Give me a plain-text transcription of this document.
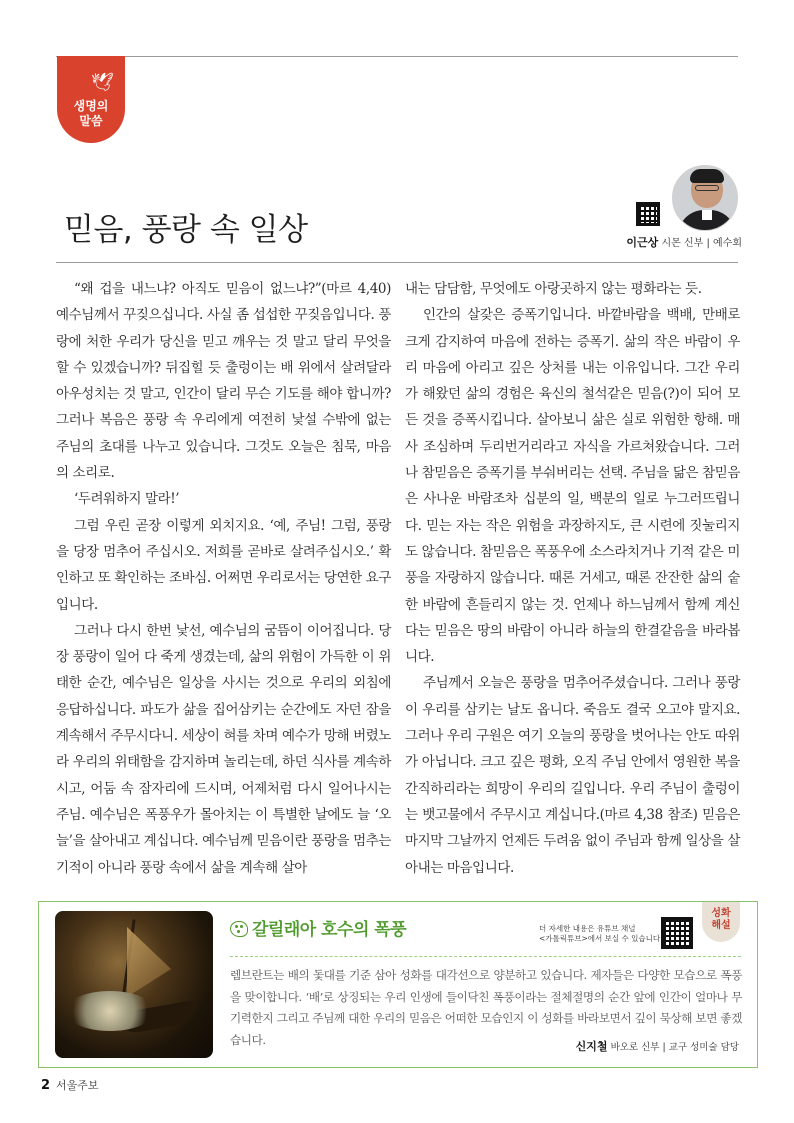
🕊
생명의
말씀
믿음, 풍랑 속 일상	이근상 시몬 신부 | 예수회

“왜 겁을 내느냐? 아직도 믿음이 없느냐?”(마르 4,40) 예수님께서 꾸짖으십니다. 사실 좀 섭섭한 꾸짖음입니다. 풍랑에 처한 우리가 당신을 믿고 깨우는 것 말고 달리 무엇을 할 수 있겠습니까? 뒤집힐 듯 출렁이는 배 위에서 살려달라 아우성치는 것 말고, 인간이 달리 무슨 기도를 해야 합니까? 그러나 복음은 풍랑 속 우리에게 여전히 낯설 수밖에 없는 주님의 초대를 나누고 있습니다. 그것도 오늘은 침묵, 마음의 소리로.

‘두려워하지 말라!’

그럼 우린 곧장 이렇게 외치지요. ‘예, 주님! 그럼, 풍랑을 당장 멈추어 주십시오. 저희를 곧바로 살려주십시오.’ 확인하고 또 확인하는 조바심. 어쩌면 우리로서는 당연한 요구입니다.

그러나 다시 한번 낯선, 예수님의 굼뜸이 이어집니다. 당장 풍랑이 일어 다 죽게 생겼는데, 삶의 위험이 가득한 이 위태한 순간, 예수님은 일상을 사시는 것으로 우리의 외침에 응답하십니다. 파도가 삶을 집어삼키는 순간에도 자던 잠을 계속해서 주무시다니. 세상이 혀를 차며 예수가 망해 버렸노라 우리의 위태함을 감지하며 놀리는데, 하던 식사를 계속하시고, 어둠 속 잠자리에 드시며, 어제처럼 다시 일어나시는 주님. 예수님은 폭풍우가 몰아치는 이 특별한 날에도 늘 ‘오늘’을 살아내고 계십니다. 예수님께 믿음이란 풍랑을 멈추는 기적이 아니라 풍랑 속에서 삶을 계속해 살아

내는 담담함, 무엇에도 아랑곳하지 않는 평화라는 듯.

인간의 살갗은 증폭기입니다. 바깥바람을 백배, 만배로 크게 감지하여 마음에 전하는 증폭기. 삶의 작은 바람이 우리 마음에 아리고 깊은 상처를 내는 이유입니다. 그간 우리가 해왔던 삶의 경험은 육신의 철석같은 믿음(?)이 되어 모든 것을 증폭시킵니다. 살아보니 삶은 실로 위험한 항해. 매사 조심하며 두리번거리라고 자식을 가르쳐왔습니다. 그러나 참믿음은 증폭기를 부숴버리는 선택. 주님을 닮은 참믿음은 사나운 바람조차 십분의 일, 백분의 일로 누그러뜨립니다. 믿는 자는 작은 위험을 과장하지도, 큰 시련에 짓눌리지도 않습니다. 참믿음은 폭풍우에 소스라치거나 기적 같은 미풍을 자랑하지 않습니다. 때론 거세고, 때론 잔잔한 삶의 숱한 바람에 흔들리지 않는 것. 언제나 하느님께서 함께 계신다는 믿음은 땅의 바람이 아니라 하늘의 한결같음을 바라봅니다.

주님께서 오늘은 풍랑을 멈추어주셨습니다. 그러나 풍랑이 우리를 삼키는 날도 옵니다. 죽음도 결국 오고야 말지요. 그러나 우리 구원은 여기 오늘의 풍랑을 벗어나는 안도 따위가 아닙니다. 크고 깊은 평화, 오직 주님 안에서 영원한 복을 간직하리라는 희망이 우리의 길입니다. 우리 주님이 출렁이는 뱃고물에서 주무시고 계십니다.(마르 4,38 참조) 믿음은 마지막 그날까지 언제든 두려움 없이 주님과 함께 일상을 살아내는 마음입니다.

갈릴래아 호수의 폭풍	더 자세한 내용은 유튜브 채널
<가톨릭튜브>에서 보실 수 있습니다
성화
해설

렘브란트는 배의 돛대를 기준 삼아 성화를 대각선으로 양분하고 있습니다. 제자들은 다양한 모습으로 폭풍을 맞이합니다. ‘배’로 상징되는 우리 인생에 들이닥친 폭풍이라는 절체절명의 순간 앞에 인간이 얼마나 무기력한지 그리고 주님께 대한 우리의 믿음은 어떠한 모습인지 이 성화를 바라보면서 깊이 묵상해 보면 좋겠습니다.	신지철 바오로 신부 | 교구 성미술 담당
2 서울주보
